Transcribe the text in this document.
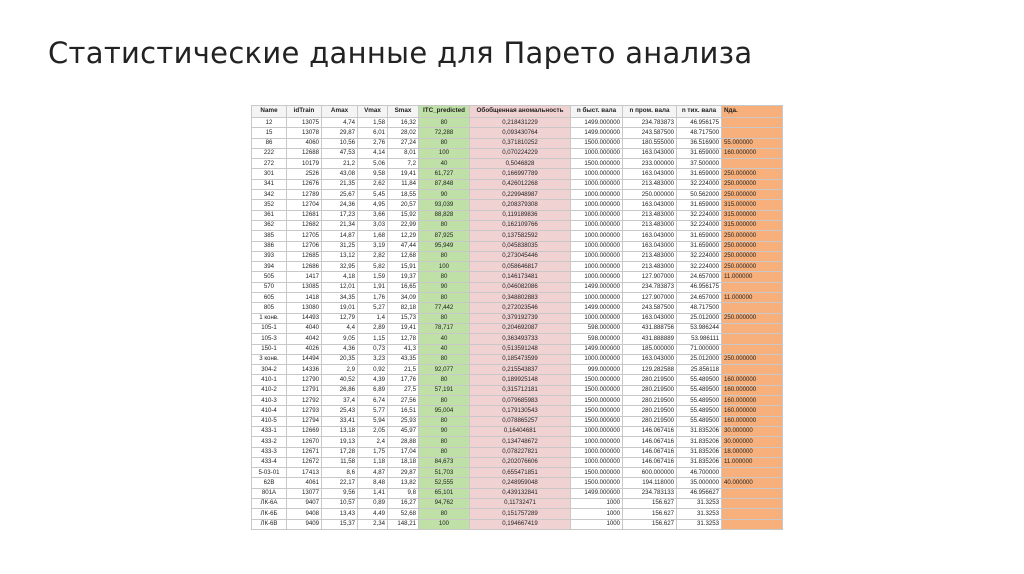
Статистические данные для Парето анализа
Name	idTrain	Amax	Vmax	Smax	ITC_predicted	Обобщенная аномальность	n быст. вала	n пром. вала	n тих. вала	Nда.
12	13075	4,74	1,58	16,32	80	0,218431229	1499.000000	234.783873	46.956175	
15	13078	29,87	6,01	28,02	72,288	0,093430764	1499.000000	243.587500	48.717500	
86	4060	10,56	2,76	27,24	80	0,371810252	1500.000000	180.555000	36.516900	55.000000
222	12688	47,53	4,14	8,01	100	0,070224229	1000.000000	163.043000	31.659000	160.000000
272	10179	21,2	5,06	7,2	40	0,5046828	1500.000000	233.000000	37.500000	
301	2526	43,08	9,58	19,41	61,727	0,166997789	1000.000000	163.043000	31.659000	250.000000
341	12676	21,35	2,62	11,84	87,848	0,426012268	1000.000000	213.483000	32.224000	250.000000
342	12789	25,67	5,45	18,55	90	0,229948987	1000.000000	250.000000	50.562000	250.000000
352	12704	24,36	4,95	20,57	93,039	0,208379308	1000.000000	163.043000	31.659000	315.000000
361	12681	17,23	3,66	15,92	88,828	0,119189836	1000.000000	213.483000	32.224000	315.000000
362	12682	21,34	3,03	22,99	80	0,162109766	1000.000000	213.483000	32.224000	315.000000
385	12705	14,87	1,68	12,29	87,925	0,137582592	1000.000000	163.043000	31.659000	250.000000
386	12706	31,25	3,19	47,44	95,949	0,045838035	1000.000000	163.043000	31.659000	250.000000
393	12685	13,12	2,82	12,68	80	0,273045446	1000.000000	213.483000	32.224000	250.000000
394	12686	32,95	5,82	15,91	100	0,058646817	1000.000000	213.483000	32.224000	250.000000
505	1417	4,18	1,59	19,37	80	0,146173481	1000.000000	127.907000	24.657000	11.000000
570	13085	12,01	1,91	16,65	90	0,046082086	1499.000000	234.783873	46.956175	
605	1418	34,35	1,76	34,09	80	0,348802883	1000.000000	127.907000	24.657000	11.000000
805	13080	19,01	5,27	82,18	77,442	0,272023546	1499.000000	243.587500	48.717500	
1 конв.	14493	12,79	1,4	15,73	80	0,379192739	1000.000000	163.043000	25.012000	250.000000
105-1	4040	4,4	2,89	19,41	78,717	0,204692087	598.000000	431.888756	53.986244	
105-3	4042	9,05	1,15	12,78	40	0,363493733	598.000000	431.888889	53.986111	
150-1	4026	4,36	0,73	41,3	40	0,513591248	1499.000000	185.000000	71.000000	
3 конв.	14494	20,35	3,23	43,35	80	0,185473599	1000.000000	163.043000	25.012000	250.000000
304-2	14336	2,9	0,92	21,5	92,077	0,215543837	999.000000	129.282588	25.856118	
410-1	12790	40,52	4,39	17,76	80	0,189925148	1500.000000	280.219500	55.489500	160.000000
410-2	12791	26,86	6,89	27,5	57,191	0,315712181	1500.000000	280.219500	55.489500	160.000000
410-3	12792	37,4	6,74	27,56	80	0,079685983	1500.000000	280.219500	55.489500	160.000000
410-4	12793	25,43	5,77	16,51	95,004	0,179130543	1500.000000	280.219500	55.489500	160.000000
410-5	12794	33,41	5,94	25,93	80	0,078865257	1500.000000	280.219500	55.489500	160.000000
433-1	12669	13,18	2,05	45,97	90	0,16404681	1000.000000	146.067416	31.835206	30.000000
433-2	12670	19,13	2,4	28,88	80	0,134748672	1000.000000	146.067416	31.835206	30.000000
433-3	12671	17,28	1,75	17,04	80	0,078227821	1000.000000	146.067416	31.835206	18.000000
433-4	12672	11,58	1,18	18,18	84,673	0,202076606	1000.000000	146.067416	31.835206	11.000000
5-03-01	17413	8,6	4,87	29,87	51,703	0,655471851	1500.000000	600.000000	46.700000	
62В	4061	22,17	8,48	13,82	52,555	0,248959048	1500.000000	194.118000	35.000000	40.000000
801А	13077	9,56	1,41	9,8	65,101	0,439132841	1499.000000	234.783133	46.956627	
ЛК-6А	9407	10,57	0,89	16,27	94,762	0,11732471	1000	156.627	31.3253	
ЛК-6Б	9408	13,43	4,49	52,68	80	0,151757289	1000	156.627	31.3253	
ЛК-6В	9409	15,37	2,34	148,21	100	0,194667419	1000	156.627	31.3253	
